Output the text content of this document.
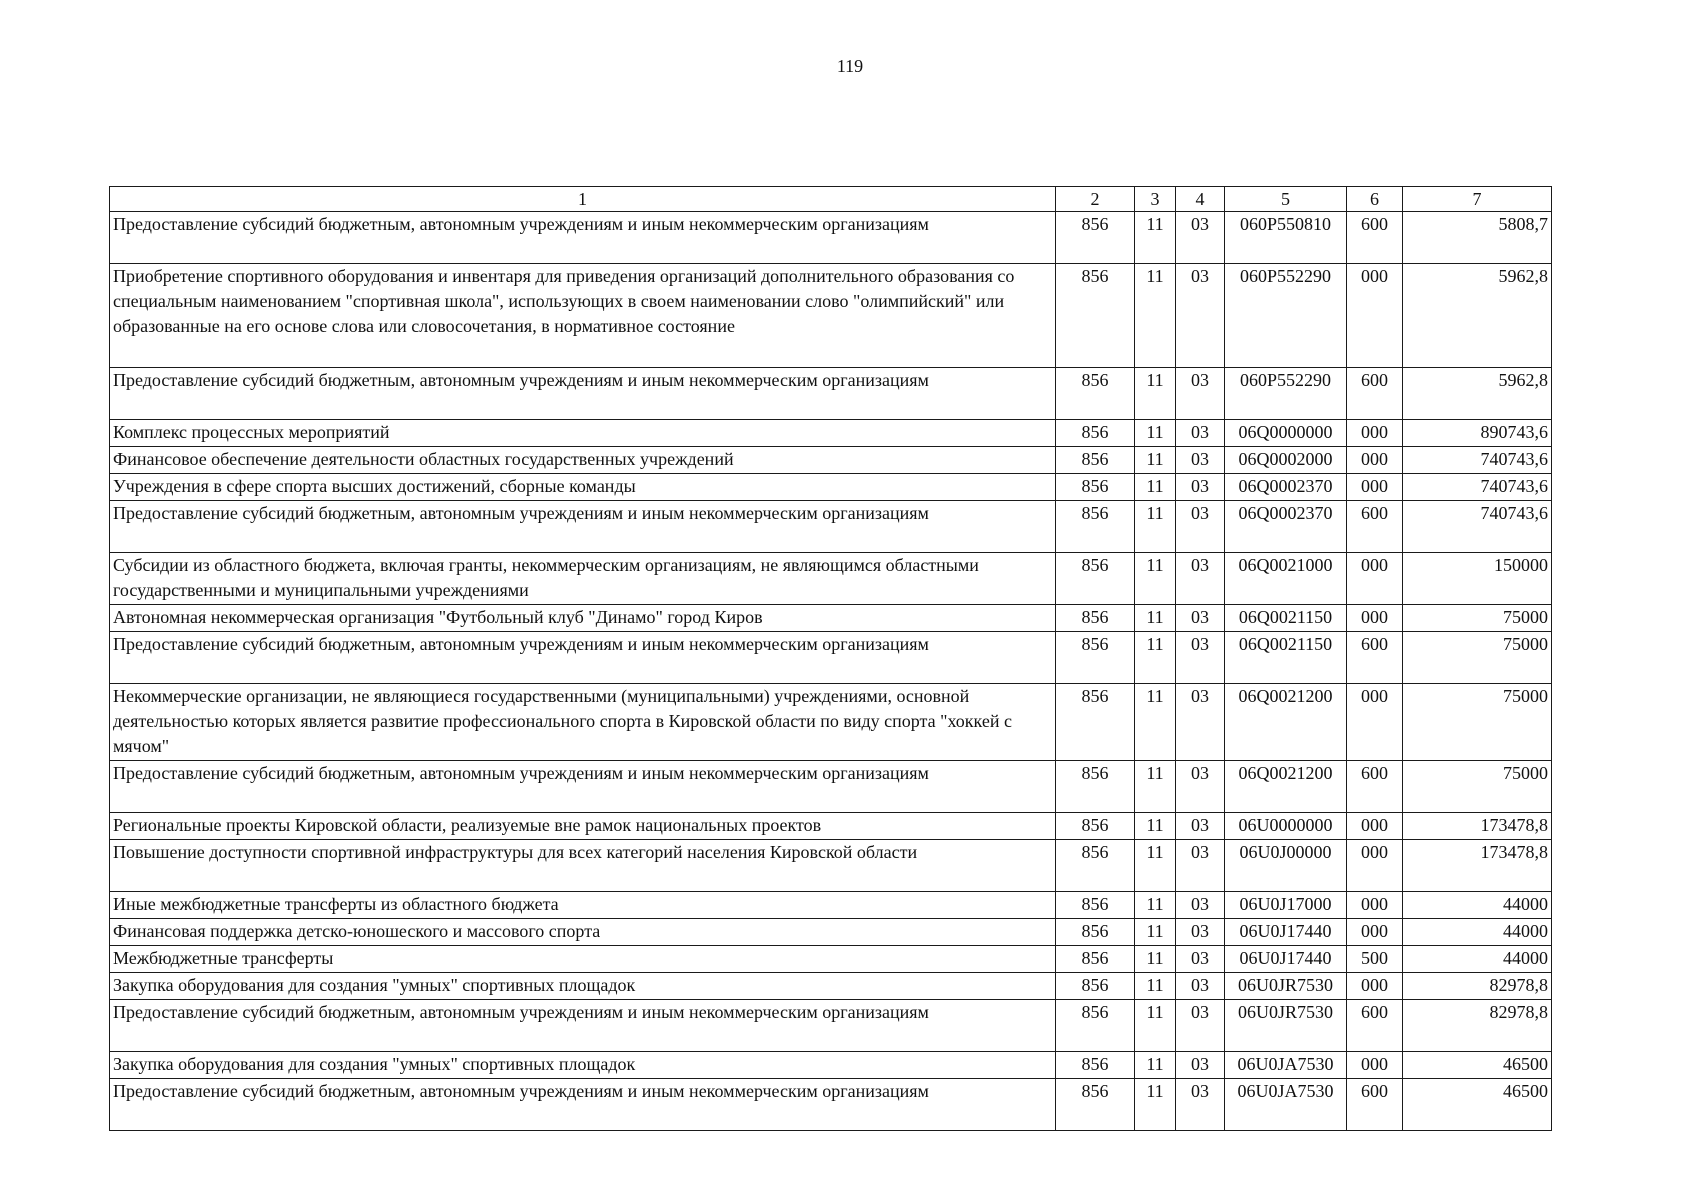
119
1	2	3	4	5	6	7
Предоставление субсидий бюджетным, автономным учреждениям и иным некоммерческим организациям	856	11	03	060P550810	600	5808,7
Приобретение спортивного оборудования и инвентаря для приведения организаций дополнительного образования со специальным наименованием "спортивная школа", использующих в своем наименовании слово "олимпийский" или образованные на его основе слова или словосочетания, в нормативное состояние	856	11	03	060P552290	000	5962,8
Предоставление субсидий бюджетным, автономным учреждениям и иным некоммерческим организациям	856	11	03	060P552290	600	5962,8
Комплекс процессных мероприятий	856	11	03	06Q0000000	000	890743,6
Финансовое обеспечение деятельности областных государственных учреждений	856	11	03	06Q0002000	000	740743,6
Учреждения в сфере спорта высших достижений, сборные команды	856	11	03	06Q0002370	000	740743,6
Предоставление субсидий бюджетным, автономным учреждениям и иным некоммерческим организациям	856	11	03	06Q0002370	600	740743,6
Субсидии из областного бюджета, включая гранты, некоммерческим организациям, не являющимся областными государственными и муниципальными учреждениями	856	11	03	06Q0021000	000	150000
Автономная некоммерческая организация "Футбольный клуб "Динамо" город Киров	856	11	03	06Q0021150	000	75000
Предоставление субсидий бюджетным, автономным учреждениям и иным некоммерческим организациям	856	11	03	06Q0021150	600	75000
Некоммерческие организации, не являющиеся государственными (муниципальными) учреждениями, основной деятельностью которых является развитие профессионального спорта в Кировской области по виду спорта "хоккей с мячом"	856	11	03	06Q0021200	000	75000
Предоставление субсидий бюджетным, автономным учреждениям и иным некоммерческим организациям	856	11	03	06Q0021200	600	75000
Региональные проекты Кировской области, реализуемые вне рамок национальных проектов	856	11	03	06U0000000	000	173478,8
Повышение доступности спортивной инфраструктуры для всех категорий населения Кировской области	856	11	03	06U0J00000	000	173478,8
Иные межбюджетные трансферты из областного бюджета	856	11	03	06U0J17000	000	44000
Финансовая поддержка детско-юношеского и массового спорта	856	11	03	06U0J17440	000	44000
Межбюджетные трансферты	856	11	03	06U0J17440	500	44000
Закупка оборудования для создания "умных" спортивных площадок	856	11	03	06U0JR7530	000	82978,8
Предоставление субсидий бюджетным, автономным учреждениям и иным некоммерческим организациям	856	11	03	06U0JR7530	600	82978,8
Закупка оборудования для создания "умных" спортивных площадок	856	11	03	06U0JA7530	000	46500
Предоставление субсидий бюджетным, автономным учреждениям и иным некоммерческим организациям	856	11	03	06U0JA7530	600	46500
